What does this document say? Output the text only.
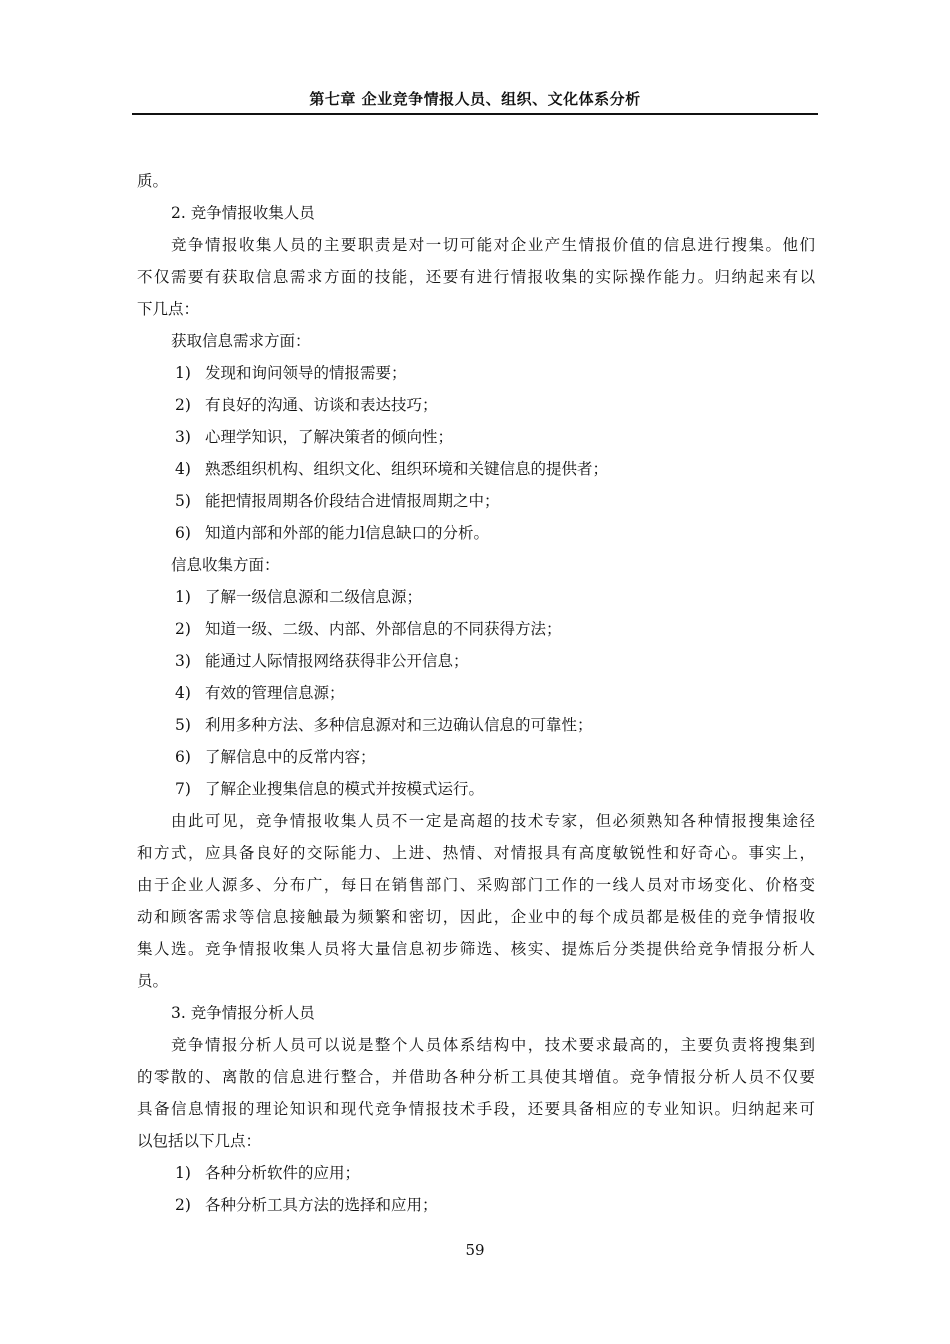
第七章 企业竞争情报人员、组织、文化体系分析
质。
2. 竞争情报收集人员
竞争情报收集人员的主要职责是对一切可能对企业产生情报价值的信息进行搜集。他们
不仅需要有获取信息需求方面的技能，还要有进行情报收集的实际操作能力。归纳起来有以
下几点：
获取信息需求方面：
1) 发现和询问领导的情报需要；
2) 有良好的沟通、访谈和表达技巧；
3) 心理学知识，了解决策者的倾向性；
4) 熟悉组织机构、组织文化、组织环境和关键信息的提供者；
5) 能把情报周期各价段结合进情报周期之中；
6) 知道内部和外部的能力l信息缺口的分析。
信息收集方面：
1) 了解一级信息源和二级信息源；
2) 知道一级、二级、内部、外部信息的不同获得方法；
3) 能通过人际情报网络获得非公开信息；
4) 有效的管理信息源；
5) 利用多种方法、多种信息源对和三边确认信息的可靠性；
6) 了解信息中的反常内容；
7) 了解企业搜集信息的模式并按模式运行。
由此可见，竞争情报收集人员不一定是高超的技术专家，但必须熟知各种情报搜集途径
和方式，应具备良好的交际能力、上进、热情、对情报具有高度敏锐性和好奇心。事实上，
由于企业人源多、分布广，每日在销售部门、采购部门工作的一线人员对市场变化、价格变
动和顾客需求等信息接触最为频繁和密切，因此，企业中的每个成员都是极佳的竞争情报收
集人选。竞争情报收集人员将大量信息初步筛选、核实、提炼后分类提供给竞争情报分析人
员。
3. 竞争情报分析人员
竞争情报分析人员可以说是整个人员体系结构中，技术要求最高的，主要负责将搜集到
的零散的、离散的信息进行整合，并借助各种分析工具使其增值。竞争情报分析人员不仅要
具备信息情报的理论知识和现代竞争情报技术手段，还要具备相应的专业知识。归纳起来可
以包括以下几点：
1) 各种分析软件的应用；
2) 各种分析工具方法的选择和应用；
59
